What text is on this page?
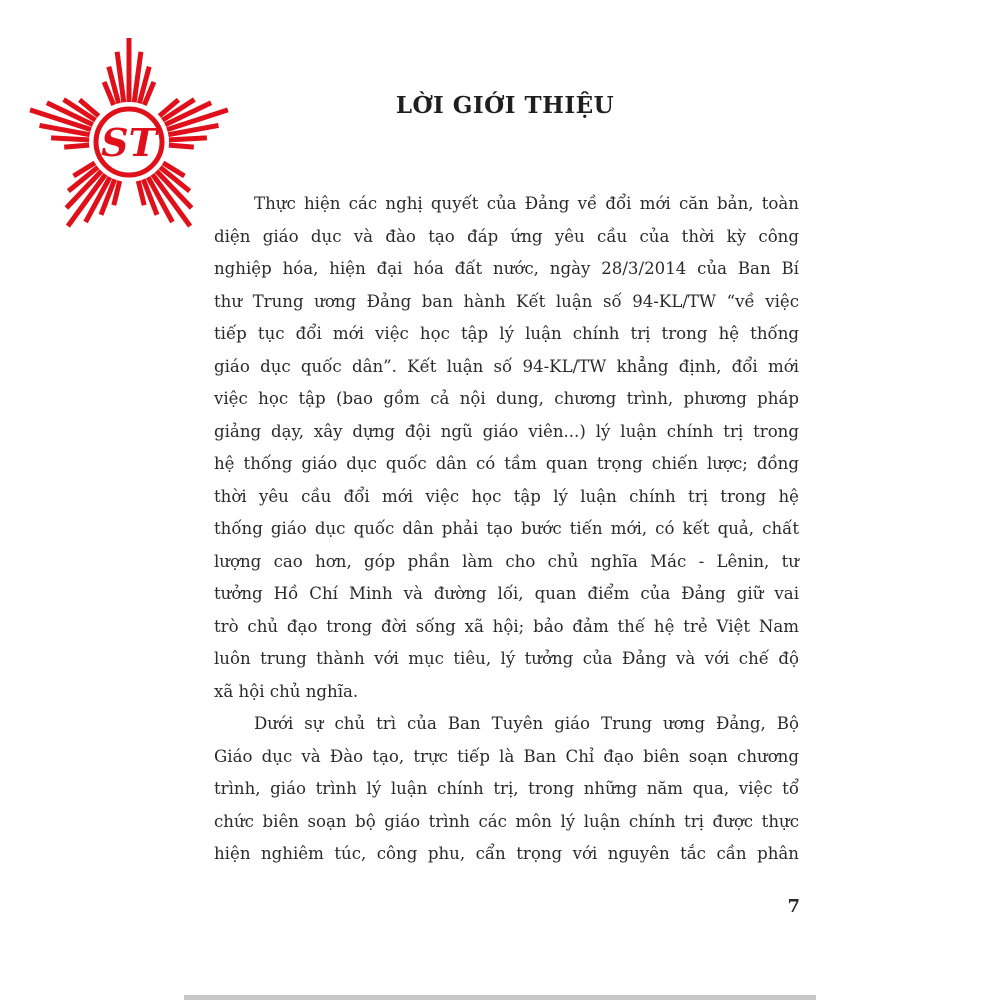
ST
LỜI GIỚI THIỆU
Thực hiện các nghị quyết của Đảng về đổi mới căn bản, toàn
diện giáo dục và đào tạo đáp ứng yêu cầu của thời kỳ công
nghiệp hóa, hiện đại hóa đất nước, ngày 28/3/2014 của Ban Bí
thư Trung ương Đảng ban hành Kết luận số 94-KL/TW “về việc
tiếp tục đổi mới việc học tập lý luận chính trị trong hệ thống
giáo dục quốc dân”. Kết luận số 94-KL/TW khẳng định, đổi mới
việc học tập (bao gồm cả nội dung, chương trình, phương pháp
giảng dạy, xây dựng đội ngũ giáo viên...) lý luận chính trị trong
hệ thống giáo dục quốc dân có tầm quan trọng chiến lược; đồng
thời yêu cầu đổi mới việc học tập lý luận chính trị trong hệ
thống giáo dục quốc dân phải tạo bước tiến mới, có kết quả, chất
lượng cao hơn, góp phần làm cho chủ nghĩa Mác - Lênin, tư
tưởng Hồ Chí Minh và đường lối, quan điểm của Đảng giữ vai
trò chủ đạo trong đời sống xã hội; bảo đảm thế hệ trẻ Việt Nam
luôn trung thành với mục tiêu, lý tưởng của Đảng và với chế độ
xã hội chủ nghĩa.
Dưới sự chủ trì của Ban Tuyên giáo Trung ương Đảng, Bộ
Giáo dục và Đào tạo, trực tiếp là Ban Chỉ đạo biên soạn chương
trình, giáo trình lý luận chính trị, trong những năm qua, việc tổ
chức biên soạn bộ giáo trình các môn lý luận chính trị được thực
hiện nghiêm túc, công phu, cẩn trọng với nguyên tắc cần phân
7
